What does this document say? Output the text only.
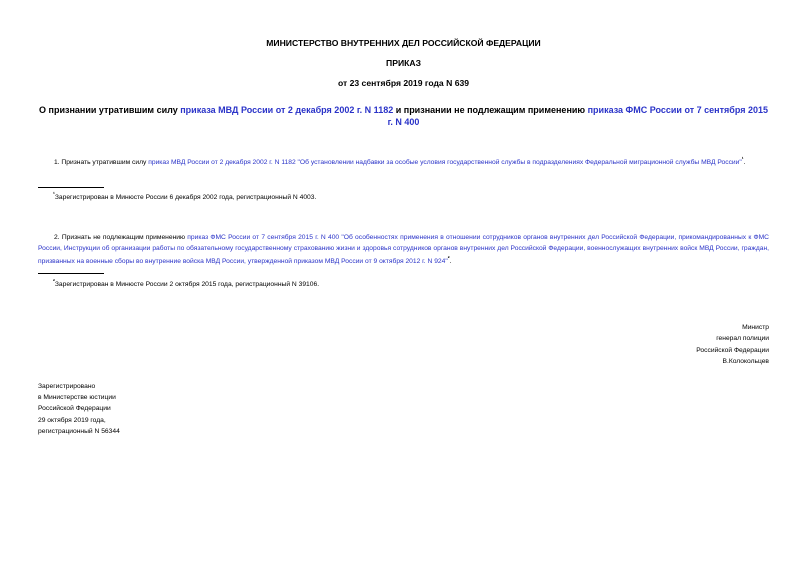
МИНИСТЕРСТВО ВНУТРЕННИХ ДЕЛ РОССИЙСКОЙ ФЕДЕРАЦИИ
ПРИКАЗ
от 23 сентября 2019 года N 639
О признании утратившим силу приказа МВД России от 2 декабря 2002 г. N 1182 и признании не подлежащим применению приказа ФМС России от 7 сентября 2015 г. N 400
1. Признать утратившим силу приказ МВД России от 2 декабря 2002 г. N 1182 "Об установлении надбавки за особые условия государственной службы в подразделениях Федеральной миграционной службы МВД России"$^{^1}$.
$^{^1}$Зарегистрирован в Минюсте России 6 декабря 2002 года, регистрационный N 4003.
2. Признать не подлежащим применению приказ ФМС России от 7 сентября 2015 г. N 400 "Об особенностях применения в отношении сотрудников органов внутренних дел Российской Федерации, прикомандированных к ФМС России, Инструкции об организации работы по обязательному государственному страхованию жизни и здоровья сотрудников органов внутренних дел Российской Федерации, военнослужащих внутренних войск МВД России, граждан, призванных на военные сборы во внутренние войска МВД России, утвержденной приказом МВД России от 9 октября 2012 г. N 924"$^{^2}$.
$^{^2}$Зарегистрирован в Минюсте России 2 октября 2015 года, регистрационный N 39106.
Министр
генерал полиции
Российской Федерации
В.Колокольцев
Зарегистрировано
в Министерстве юстиции
Российской Федерации
29 октября 2019 года,
регистрационный N 56344
